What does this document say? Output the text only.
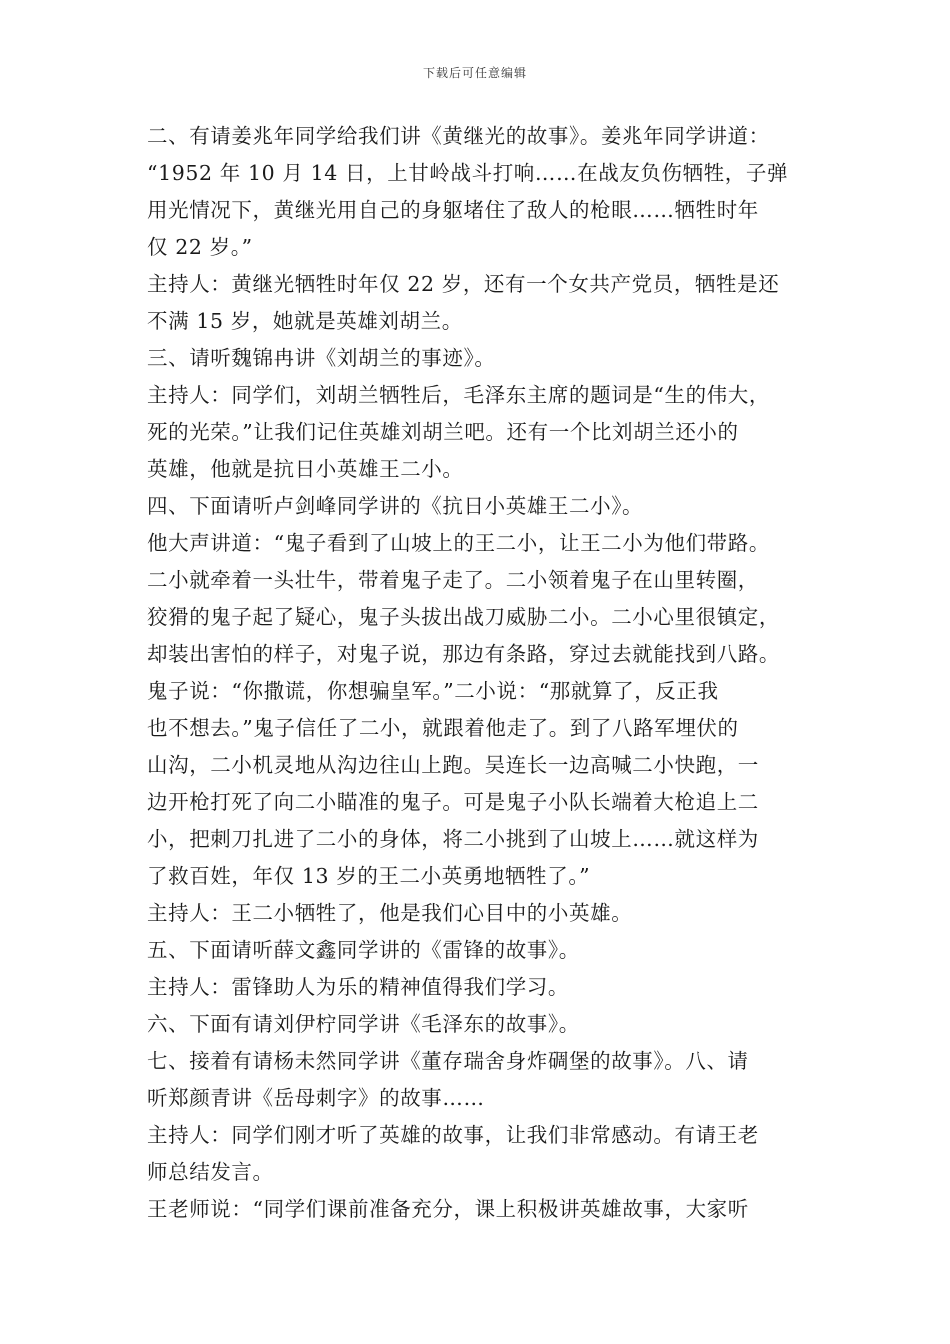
下载后可任意编辑
二、有请姜兆年同学给我们讲《黄继光的故事》。姜兆年同学讲道：
“1952 年 10 月 14 日，上甘岭战斗打响……在战友负伤牺牲，子弹
用光情况下，黄继光用自己的身躯堵住了敌人的枪眼……牺牲时年
仅 22 岁。”
主持人：黄继光牺牲时年仅 22 岁，还有一个女共产党员，牺牲是还
不满 15 岁，她就是英雄刘胡兰。
三、请听魏锦冉讲《刘胡兰的事迹》。
主持人：同学们，刘胡兰牺牲后，毛泽东主席的题词是“生的伟大，
死的光荣。”让我们记住英雄刘胡兰吧。还有一个比刘胡兰还小的
英雄，他就是抗日小英雄王二小。
四、下面请听卢剑峰同学讲的《抗日小英雄王二小》。
他大声讲道：“鬼子看到了山坡上的王二小，让王二小为他们带路。
二小就牵着一头壮牛，带着鬼子走了。二小领着鬼子在山里转圈，
狡猾的鬼子起了疑心，鬼子头拔出战刀威胁二小。二小心里很镇定，
却装出害怕的样子，对鬼子说，那边有条路，穿过去就能找到八路。
鬼子说：“你撒谎，你想骗皇军。”二小说：“那就算了，反正我
也不想去。”鬼子信任了二小，就跟着他走了。到了八路军埋伏的
山沟，二小机灵地从沟边往山上跑。吴连长一边高喊二小快跑，一
边开枪打死了向二小瞄准的鬼子。可是鬼子小队长端着大枪追上二
小，把刺刀扎进了二小的身体，将二小挑到了山坡上……就这样为
了救百姓，年仅 13 岁的王二小英勇地牺牲了。”
主持人：王二小牺牲了，他是我们心目中的小英雄。
五、下面请听薛文鑫同学讲的《雷锋的故事》。
主持人：雷锋助人为乐的精神值得我们学习。
六、下面有请刘伊柠同学讲《毛泽东的故事》。
七、接着有请杨未然同学讲《董存瑞舍身炸碉堡的故事》。八、请
听郑颜青讲《岳母刺字》的故事……
主持人：同学们刚才听了英雄的故事，让我们非常感动。有请王老
师总结发言。
王老师说：“同学们课前准备充分，课上积极讲英雄故事，大家听
